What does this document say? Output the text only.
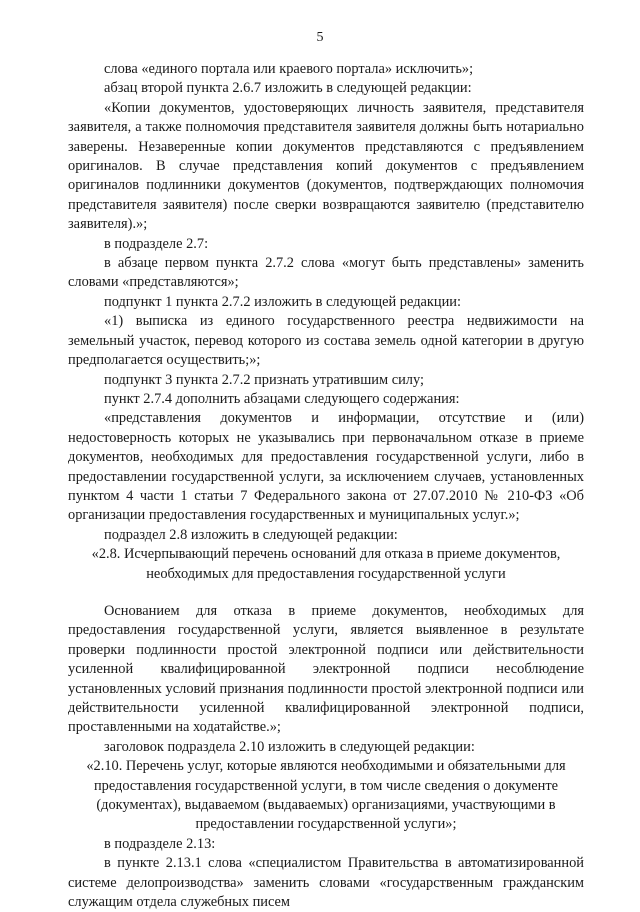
5

слова «единого портала или краевого портала» исключить»;

абзац второй пункта 2.6.7 изложить в следующей редакции:

«Копии документов, удостоверяющих личность заявителя, представителя заявителя, а также полномочия представителя заявителя должны быть нотариально заверены. Незаверенные копии документов представляются с предъявлением оригиналов. В случае представления копий документов с предъявлением оригиналов подлинники документов (документов, подтверждающих полномочия представителя заявителя) после сверки возвращаются заявителю (представителю заявителя).»;

в подразделе 2.7:

в абзаце первом пункта 2.7.2 слова «могут быть представлены» заменить словами «представляются»;

подпункт 1 пункта 2.7.2 изложить в следующей редакции:

«1) выписка из единого государственного реестра недвижимости на земельный участок, перевод которого из состава земель одной категории в другую предполагается осуществить;»;

подпункт 3 пункта 2.7.2 признать утратившим силу;

пункт 2.7.4 дополнить абзацами следующего содержания:

«представления документов и информации, отсутствие и (или) недостоверность которых не указывались при первоначальном отказе в приеме документов, необходимых для предоставления государственной услуги, либо в предоставлении государственной услуги, за исключением случаев, установленных пунктом 4 части 1 статьи 7 Федерального закона от 27.07.2010 № 210-ФЗ «Об организации предоставления государственных и муниципальных услуг.»;

подраздел 2.8 изложить в следующей редакции:

«2.8. Исчерпывающий перечень оснований для отказа в приеме документов, необходимых для предоставления государственной услуги

Основанием для отказа в приеме документов, необходимых для предоставления государственной услуги, является выявленное в результате проверки подлинности простой электронной подписи или действительности усиленной квалифицированной электронной подписи несоблюдение установленных условий признания подлинности простой электронной подписи или действительности усиленной квалифицированной электронной подписи, проставленными на ходатайстве.»;

заголовок подраздела 2.10 изложить в следующей редакции:

«2.10. Перечень услуг, которые являются необходимыми и обязательными для предоставления государственной услуги, в том числе сведения о документе (документах), выдаваемом (выдаваемых) организациями, участвующими в предоставлении государственной услуги»;

в подразделе 2.13:

в пункте 2.13.1 слова «специалистом Правительства в автоматизированной системе делопроизводства» заменить словами «государственным гражданским служащим отдела служебных писем
